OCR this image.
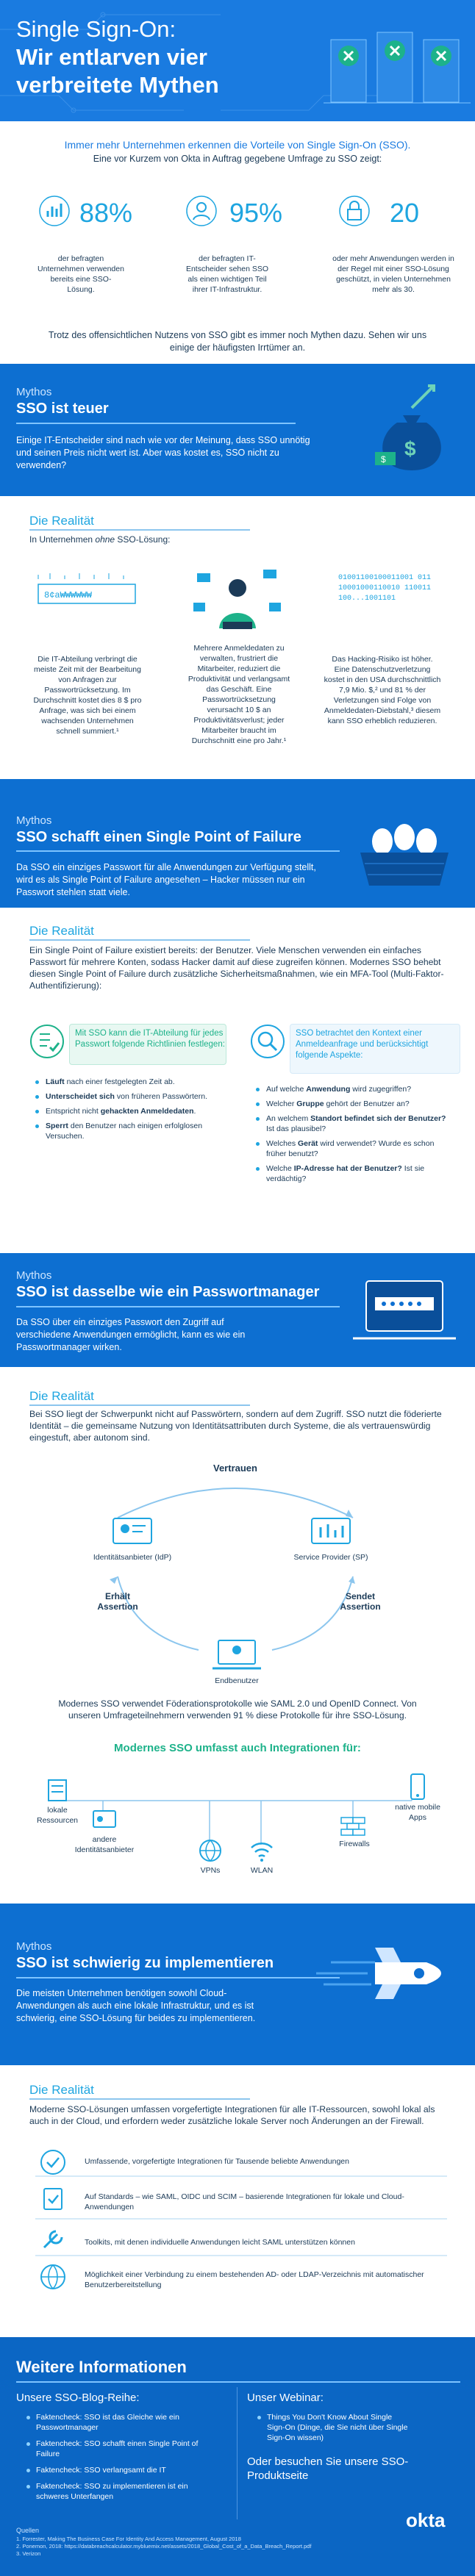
Single Sign-On:
Wir entlarven vier
verbreitete Mythen
Immer mehr Unternehmen erkennen die Vorteile von Single Sign-On (SSO).
Eine vor Kurzem von Okta in Auftrag gegebene Umfrage zu SSO zeigt:
88%
der befragten Unternehmen verwenden bereits eine SSO-Lösung.
95%
der befragten IT-Entscheider sehen SSO als einen wichtigen Teil ihrer IT-Infrastruktur.
20
oder mehr Anwendungen werden in der Regel mit einer SSO-Lösung geschützt, in vielen Unternehmen mehr als 30.
Trotz des offensichtlichen Nutzens von SSO gibt es immer noch Mythen dazu. Sehen wir uns einige der häufigsten Irrtümer an.
Mythos
SSO ist teuer
Einige IT-Entscheider sind nach wie vor der Meinung, dass SSO unnötig und seinen Preis nicht wert ist. Aber was kostet es, SSO nicht zu verwenden?
$
$
Die Realität
In Unternehmen ohne SSO-Lösung:
8¢a₩₩₩₩₩₩
01001100100011001 01110001000110010 110011100...1001101
Die IT-Abteilung verbringt die meiste Zeit mit der Bearbeitung von Anfragen zur Passwortrücksetzung. Im Durchschnitt kostet dies 8 $ pro Anfrage, was sich bei einem wachsenden Unternehmen schnell summiert.¹
Mehrere Anmeldedaten zu verwalten, frustriert die Mitarbeiter, reduziert die Produktivität und verlangsamt das Geschäft. Eine Passwortrücksetzung verursacht 10 $ an Produktivitätsverlust; jeder Mitarbeiter braucht im Durchschnitt eine pro Jahr.¹
Das Hacking-Risiko ist höher. Eine Datenschutzverletzung kostet in den USA durchschnittlich 7,9 Mio. $,² und 81 % der Verletzungen sind Folge von Anmeldedaten-Diebstahl,³ diesem kann SSO erheblich reduzieren.
Mythos
SSO schafft einen Single Point of Failure
Da SSO ein einziges Passwort für alle Anwendungen zur Verfügung stellt, wird es als Single Point of Failure angesehen – Hacker müssen nur ein Passwort stehlen statt viele.
Die Realität
Ein Single Point of Failure existiert bereits: der Benutzer. Viele Menschen verwenden ein einfaches Passwort für mehrere Konten, sodass Hacker damit auf diese zugreifen können. Modernes SSO behebt diesen Single Point of Failure durch zusätzliche Sicherheitsmaßnahmen, wie ein MFA-Tool (Multi-Faktor-Authentifizierung):
Mit SSO kann die IT-Abteilung für jedes Passwort folgende Richtlinien festlegen:
Läuft nach einer festgelegten Zeit ab.
Unterscheidet sich von früheren Passwörtern.
Entspricht nicht gehackten Anmeldedaten.
Sperrt den Benutzer nach einigen erfolglosen Versuchen.
SSO betrachtet den Kontext einer Anmeldeanfrage und berücksichtigt folgende Aspekte:
Auf welche Anwendung wird zugegriffen?
Welcher Gruppe gehört der Benutzer an?
An welchem Standort befindet sich der Benutzer? Ist das plausibel?
Welches Gerät wird verwendet? Wurde es schon früher benutzt?
Welche IP-Adresse hat der Benutzer? Ist sie verdächtig?
Mythos
SSO ist dasselbe wie ein Passwortmanager
Da SSO über ein einziges Passwort den Zugriff auf verschiedene Anwendungen ermöglicht, kann es wie ein Passwortmanager wirken.
Die Realität
Bei SSO liegt der Schwerpunkt nicht auf Passwörtern, sondern auf dem Zugriff. SSO nutzt die föderierte Identität – die gemeinsame Nutzung von Identitätsattributen durch Systeme, die als vertrauenswürdig eingestuft, aber autonom sind.
Vertrauen
Identitätsanbieter (IdP)	Service Provider (SP)
Erhält Assertion
Sendet Assertion
Endbenutzer
Modernes SSO verwendet Föderationsprotokolle wie SAML 2.0 und OpenID Connect. Von unseren Umfrageteilnehmern verwenden 91 % diese Protokolle für ihre SSO-Lösung.
Modernes SSO umfasst auch Integrationen für:
lokale Ressourcen
andere Identitätsanbieter
VPNs	WLAN
Firewalls
native mobile Apps
Mythos
SSO ist schwierig zu implementieren
Die meisten Unternehmen benötigen sowohl Cloud-Anwendungen als auch eine lokale Infrastruktur, und es ist schwierig, eine SSO-Lösung für beides zu implementieren.
Die Realität
Moderne SSO-Lösungen umfassen vorgefertigte Integrationen für alle IT-Ressourcen, sowohl lokal als auch in der Cloud, und erfordern weder zusätzliche lokale Server noch Änderungen an der Firewall.
Umfassende, vorgefertigte Integrationen für Tausende beliebte Anwendungen
Auf Standards – wie SAML, OIDC und SCIM – basierende Integrationen für lokale und Cloud-Anwendungen
Toolkits, mit denen individuelle Anwendungen leicht SAML unterstützen können
Möglichkeit einer Verbindung zu einem bestehenden AD- oder LDAP-Verzeichnis mit automatischer Benutzerbereitstellung
Weitere Informationen
Unsere SSO-Blog-Reihe:
Faktencheck: SSO ist das Gleiche wie ein Passwortmanager
Faktencheck: SSO schafft einen Single Point of Failure
Faktencheck: SSO verlangsamt die IT
Faktencheck: SSO zu implementieren ist ein schweres Unterfangen
Unser Webinar:
Things You Don't Know About Single Sign-On (Dinge, die Sie nicht über Single Sign-On wissen)
Oder besuchen Sie unsere SSO-Produktseite
okta
Quellen
1. Forrester, Making The Business Case For Identity And Access Management, August 2018
2. Ponemon, 2018: https://databreachcalculator.mybluemix.net/assets/2018_Global_Cost_of_a_Data_Breach_Report.pdf
3. Verizon
